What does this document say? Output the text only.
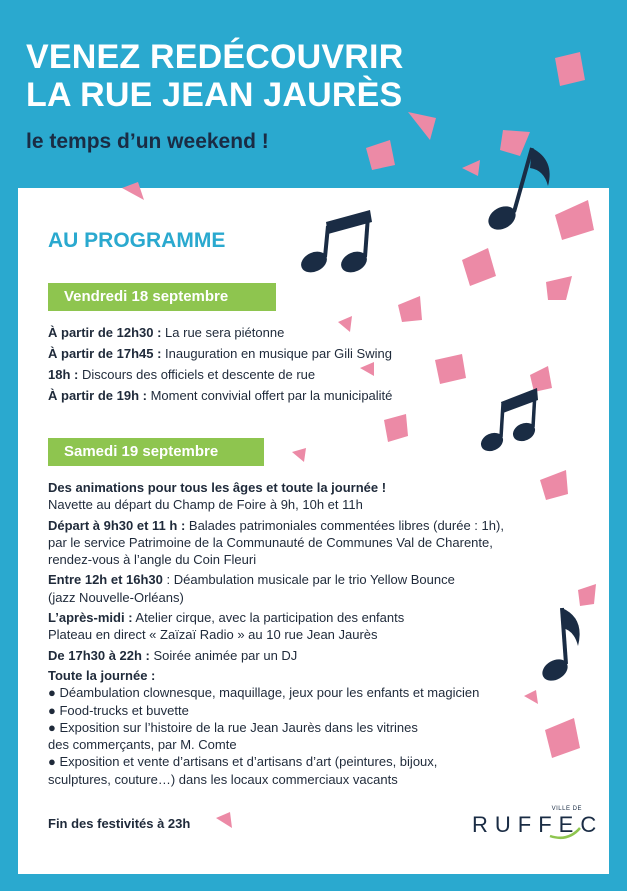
VENEZ REDÉCOUVRIR
LA RUE JEAN JAURÈS
le temps d’un weekend !
AU PROGRAMME
Vendredi 18 septembre
À partir de 12h30 : La rue sera piétonne
À partir de 17h45 : Inauguration en musique par Gili Swing
18h : Discours des officiels et descente de rue
À partir de 19h : Moment convivial offert par la municipalité
Samedi 19 septembre
Des animations pour tous les âges et toute la journée !
Navette au départ du Champ de Foire à 9h, 10h et 11h
Départ à 9h30 et 11 h : Balades patrimoniales commentées libres (durée : 1h),
par le service Patrimoine de la Communauté de Communes Val de Charente,
rendez-vous à l’angle du Coin Fleuri
Entre 12h et 16h30 : Déambulation musicale par le trio Yellow Bounce
(jazz Nouvelle-Orléans)
L’après-midi : Atelier cirque, avec la participation des enfants
Plateau en direct « Zaïzaï Radio » au 10 rue Jean Jaurès
De 17h30 à 22h : Soirée animée par un DJ
Toute la journée :
● Déambulation clownesque, maquillage, jeux pour les enfants et magicien
● Food-trucks et buvette
● Exposition sur l’histoire de la rue Jean Jaurès dans les vitrines
des commerçants, par M. Comte
● Exposition et vente d’artisans et d’artisans d’art (peintures, bijoux,
sculptures, couture…) dans les locaux commerciaux vacants
Fin des festivités à 23h
VILLE DE
RUFFEC
